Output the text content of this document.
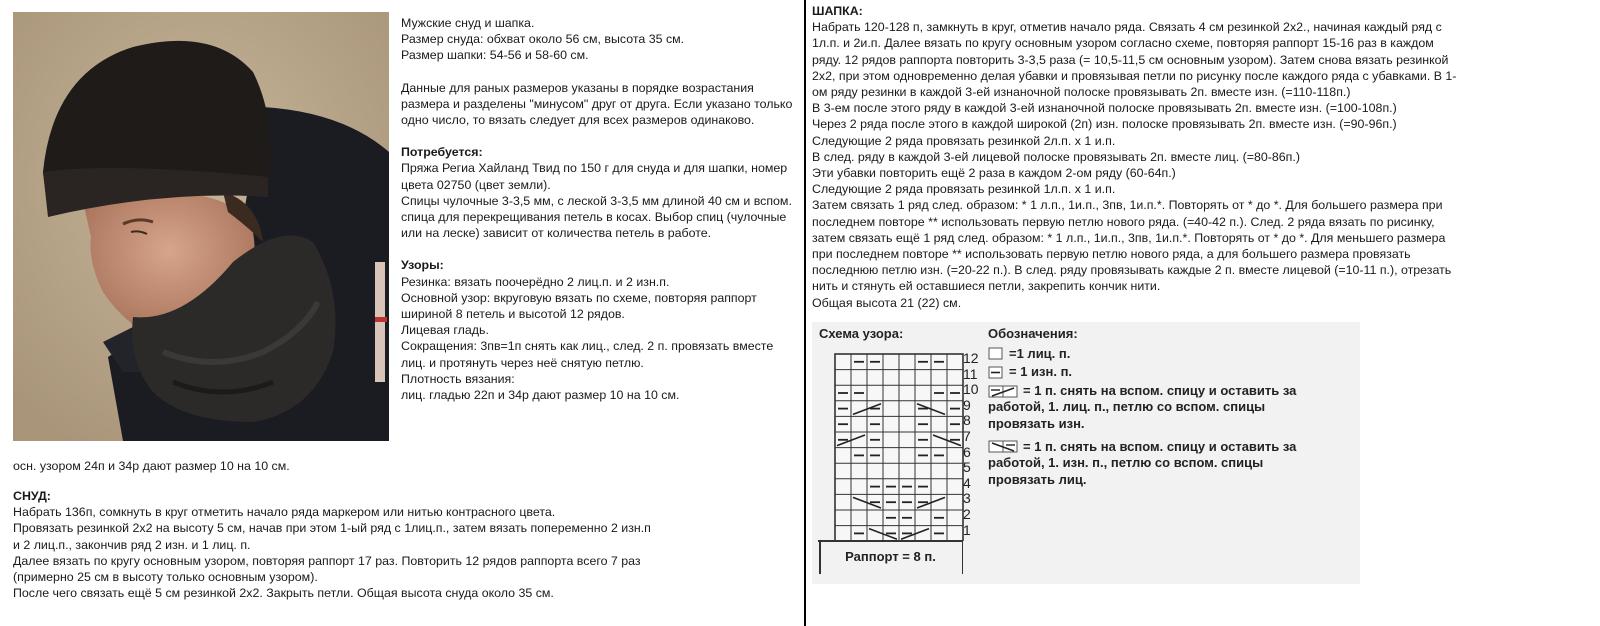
Мужские снуд и шапка.

Размер снуда: обхват около 56 см, высота 35 см.

Размер шапки: 54-56 и 58-60 см.

Данные для раных размеров указаны в порядке возрастания размера и разделены "минусом" друг от друга. Если указано только одно число, то вязать следует для всех размеров одинаково.

Потребуется:

Пряжа Региа Хайланд Твид по 150 г для снуда и для шапки, номер цвета 02750 (цвет земли).

Спицы чулочные 3-3,5 мм, с леской 3-3,5 мм длиной 40 см и вспом. спица для перекрещивания петель в косах. Выбор спиц (чулочные или на леске) зависит от количества петель в работе.

Узоры:

Резинка: вязать поочерёдно 2 лиц.п. и 2 изн.п.

Основной узор: вкруговую вязать по схеме, повторяя раппорт шириной 8 петель и высотой 12 рядов.

Лицевая гладь.

Сокращения: 3пв=1п снять как лиц., след. 2 п. провязать вместе лиц. и протянуть через неё снятую петлю.

Плотность вязания:

лиц. гладью 22п и 34р дают размер 10 на 10 см.

осн. узором 24п и 34р дают размер 10 на 10 см.

СНУД:

Набрать 136п, сомкнуть в круг отметить начало ряда маркером или нитью контрасного цвета.

Провязать резинкой 2х2 на высоту 5 см, начав при этом 1-ый ряд с 1лиц.п., затем вязать попеременно 2 изн.п

и 2 лиц.п., закончив ряд 2 изн. и 1 лиц. п.

Далее вязать по кругу основным узором, повторяя раппорт 17 раз. Повторить 12 рядов раппорта всего 7 раз

(примерно 25 см в высоту только основным узором).

После чего связать ещё 5 см резинкой 2х2. Закрыть петли. Общая высота снуда около 35 см.

ШАПКА:

Набрать 120-128 п, замкнуть в круг, отметив начало ряда. Связать 4 см резинкой 2х2., начиная каждый ряд с

1л.п. и 2и.п. Далее вязать по кругу основным узором согласно схеме, повторяя раппорт 15-16 раз в каждом

ряду. 12 рядов раппорта повторить 3-3,5 раза (= 10,5-11,5 см основным узором). Затем снова вязать резинкой

2х2, при этом одновременно делая убавки и провязывая петли по рисунку после каждого ряда с убавками. В 1-

ом ряду резинки в каждой 3-ей изнаночной полоске провязывать 2п. вместе изн. (=110-118п.)

В 3-ем после этого ряду в каждой 3-ей изнаночной полоске провязывать 2п. вместе изн. (=100-108п.)

Через 2 ряда после этого в каждой широкой (2п) изн. полоске провязывать 2п. вместе изн. (=90-96п.)

Следующие 2 ряда провязать резинкой 2л.п. х 1 и.п.

В след. ряду в каждой 3-ей лицевой полоске провязывать 2п. вместе лиц. (=80-86п.)

Эти убавки повторить ещё 2 раза в каждом 2-ом ряду (60-64п.)

Следующие 2 ряда провязать резинкой 1л.п. х 1 и.п.

Затем связать 1 ряд след. образом: * 1 л.п., 1и.п., 3пв, 1и.п.*. Повторять от * до *. Для большего размера при

последнем повторе ** использовать первую петлю нового ряда. (=40-42 п.). След. 2 ряда вязать по рисинку,

затем связать ещё 1 ряд след. образом: * 1 л.п., 1и.п., 3пв, 1и.п.*. Повторять от * до *. Для меньшего размера

при последнем повторе ** использовать первую петлю нового ряда, а для большего размера провязать

последнюю петлю изн. (=20-22 п.). В след. ряду провязывать каждые 2 п. вместе лицевой (=10-11 п.), отрезать

нить и стянуть ей оставшиеся петли, закрепить кончик нити.

Общая высота 21 (22) см.

Схема узора:
12
11
10
9
8
7
6
5
4
3
2
1
Раппорт = 8 п.
Обозначения:
=1 лиц. п.
= 1 изн. п.
= 1 п. снять на вспом. спицу и оставить за
работой, 1. лиц. п., петлю со вспом. спицы
провязать изн.
= 1 п. снять на вспом. спицу и оставить за
работой, 1. изн. п., петлю со вспом. спицы
провязать лиц.
